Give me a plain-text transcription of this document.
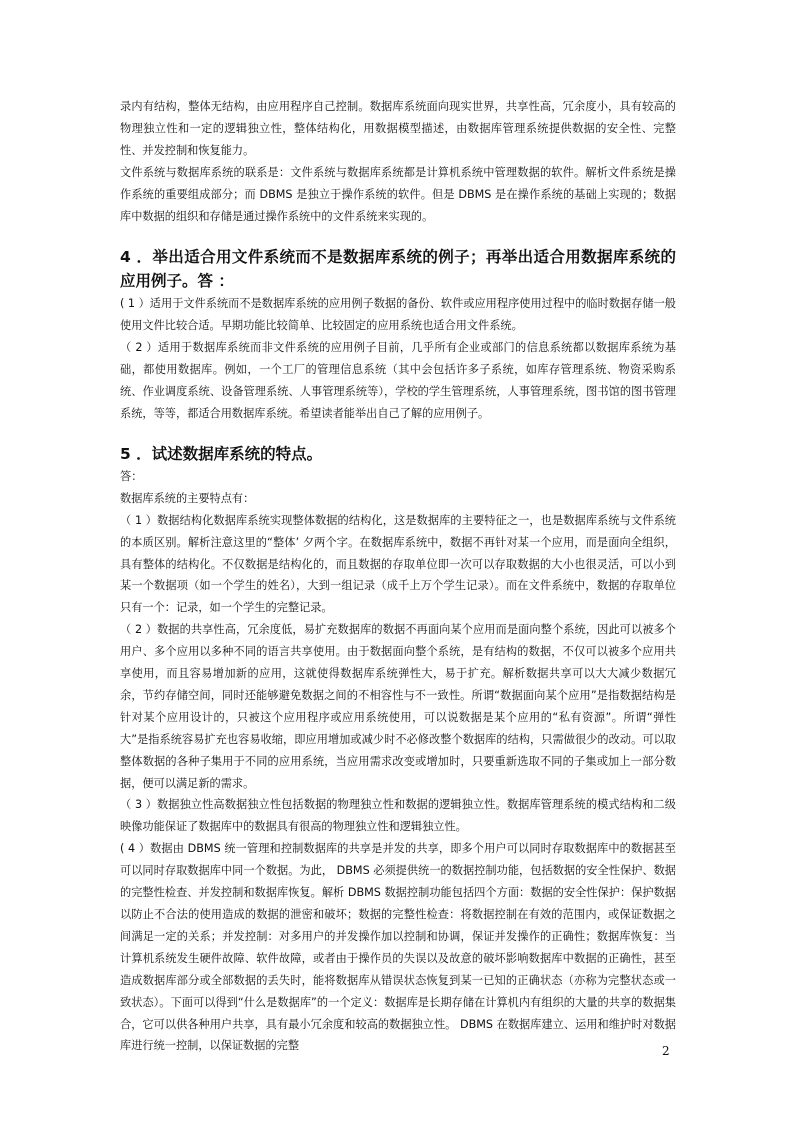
录内有结构，整体无结构，由应用程序自己控制。数据库系统面向现实世界，共享性高，冗余度小，具有较高的物理独立性和一定的逻辑独立性，整体结构化，用数据模型描述，由数据库管理系统提供数据的安全性、完整性、并发控制和恢复能力。

文件系统与数据库系统的联系是：文件系统与数据库系统都是计算机系统中管理数据的软件。解析文件系统是操作系统的重要组成部分；而 DBMS 是独立于操作系统的软件。但是 DBMS 是在操作系统的基础上实现的；数据库中数据的组织和存储是通过操作系统中的文件系统来实现的。

4 ．举出适合用文件系统而不是数据库系统的例子；再举出适合用数据库系统的应用例子。答 ：

( 1 ）适用于文件系统而不是数据库系统的应用例子数据的备份、软件或应用程序使用过程中的临时数据存储一般使用文件比较合适。早期功能比较简单、比较固定的应用系统也适合用文件系统。

（ 2 ）适用于数据库系统而非文件系统的应用例子目前，几乎所有企业或部门的信息系统都以数据库系统为基础，都使用数据库。例如，一个工厂的管理信息系统（其中会包括许多子系统，如库存管理系统、物资采购系统、作业调度系统、设备管理系统、人事管理系统等），学校的学生管理系统，人事管理系统，图书馆的图书管理系统，等等，都适合用数据库系统。希望读者能举出自己了解的应用例子。

5 ．试述数据库系统的特点。

答：

数据库系统的主要特点有：

（ 1 ）数据结构化数据库系统实现整体数据的结构化，这是数据库的主要特征之一，也是数据库系统与文件系统的本质区别。解析注意这里的“整体’ 夕两个字。在数据库系统中，数据不再针对某一个应用，而是面向全组织，具有整体的结构化。不仅数据是结构化的，而且数据的存取单位即一次可以存取数据的大小也很灵活，可以小到某一个数据项（如一个学生的姓名），大到一组记录（成千上万个学生记录）。而在文件系统中，数据的存取单位只有一个：记录，如一个学生的完整记录。

（ 2 ）数据的共享性高，冗余度低，易扩充数据库的数据不再面向某个应用而是面向整个系统，因此可以被多个用户、多个应用以多种不同的语言共享使用。由于数据面向整个系统，是有结构的数据，不仅可以被多个应用共享使用，而且容易增加新的应用，这就使得数据库系统弹性大，易于扩充。解析数据共享可以大大减少数据冗余，节约存储空间，同时还能够避免数据之间的不相容性与不一致性。所谓“数据面向某个应用”是指数据结构是针对某个应用设计的，只被这个应用程序或应用系统使用，可以说数据是某个应用的“私有资源”。所谓“弹性大”是指系统容易扩充也容易收缩，即应用增加或减少时不必修改整个数据库的结构，只需做很少的改动。可以取整体数据的各种子集用于不同的应用系统，当应用需求改变或增加时，只要重新选取不同的子集或加上一部分数据，便可以满足新的需求。

（ 3 ）数据独立性高数据独立性包括数据的物理独立性和数据的逻辑独立性。数据库管理系统的模式结构和二级映像功能保证了数据库中的数据具有很高的物理独立性和逻辑独立性。

( 4 ）数据由 DBMS 统一管理和控制数据库的共享是并发的共享，即多个用户可以同时存取数据库中的数据甚至可以同时存取数据库中同一个数据。为此， DBMS 必须提供统一的数据控制功能，包括数据的安全性保护、数据的完整性检查、并发控制和数据库恢复。解析 DBMS 数据控制功能包括四个方面：数据的安全性保护：保护数据以防止不合法的使用造成的数据的泄密和破坏；数据的完整性检查：将数据控制在有效的范围内，或保证数据之间满足一定的关系；并发控制：对多用户的并发操作加以控制和协调，保证并发操作的正确性；数据库恢复：当计算机系统发生硬件故障、软件故障，或者由于操作员的失误以及故意的破坏影响数据库中数据的正确性，甚至造成数据库部分或全部数据的丢失时，能将数据库从错误状态恢复到某一已知的正确状态（亦称为完整状态或一致状态）。下面可以得到“什么是数据库”的一个定义：数据库是长期存储在计算机内有组织的大量的共享的数据集合，它可以供各种用户共享，具有最小冗余度和较高的数据独立性。 DBMS 在数据库建立、运用和维护时对数据库进行统一控制，以保证数据的完整	2
